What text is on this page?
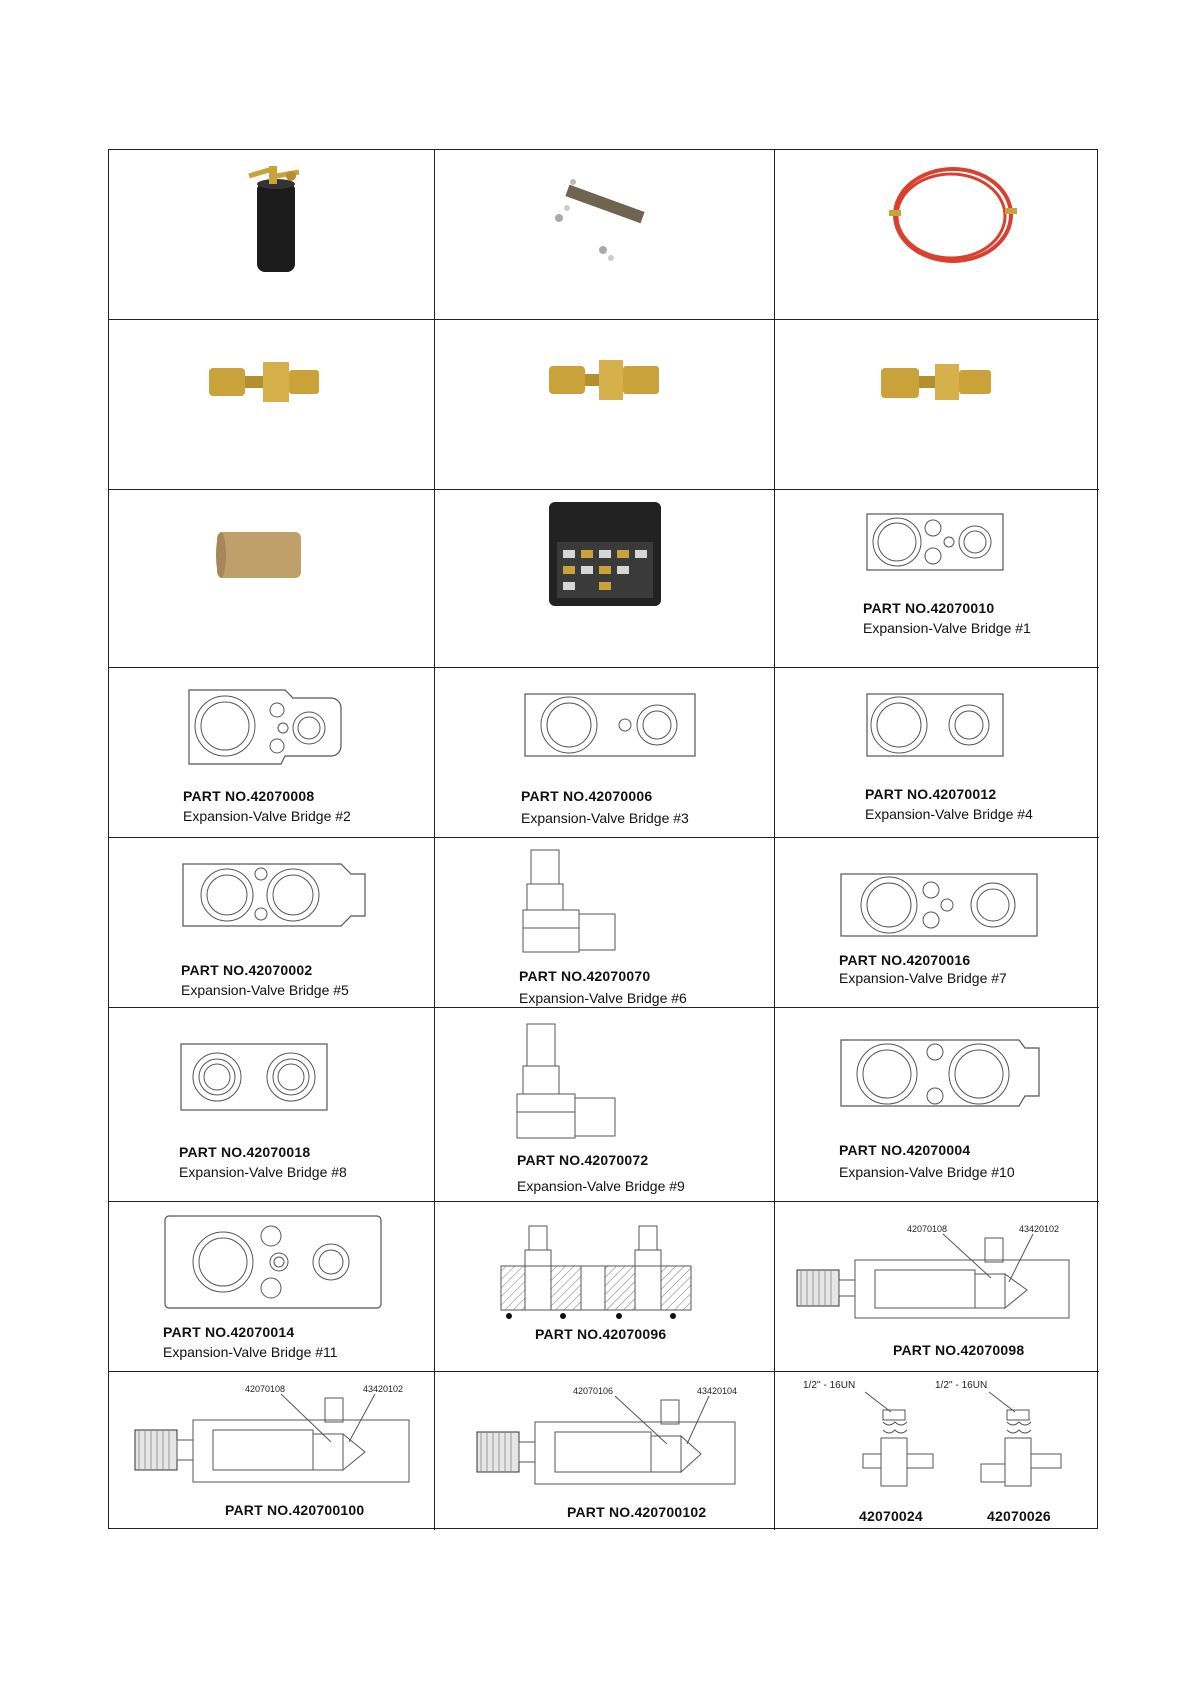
PART NO.42070010
Expansion-Valve Bridge #1
PART NO.42070008
Expansion-Valve Bridge #2
PART NO.42070006
Expansion-Valve Bridge #3
PART NO.42070012
Expansion-Valve Bridge #4
PART NO.42070002
Expansion-Valve Bridge #5
PART NO.42070070
Expansion-Valve Bridge #6
PART NO.42070016
Expansion-Valve Bridge #7
PART NO.42070018
Expansion-Valve Bridge #8
PART NO.42070072
Expansion-Valve Bridge #9
PART NO.42070004
Expansion-Valve Bridge #10
PART NO.42070014
Expansion-Valve Bridge #11
PART NO.42070096
42070108	43420102
PART NO.42070098
42070108	43420102
PART NO.420700100
42070106	43420104
PART NO.420700102
1/2'' - 16UN	1/2'' - 16UN
42070024	42070026
